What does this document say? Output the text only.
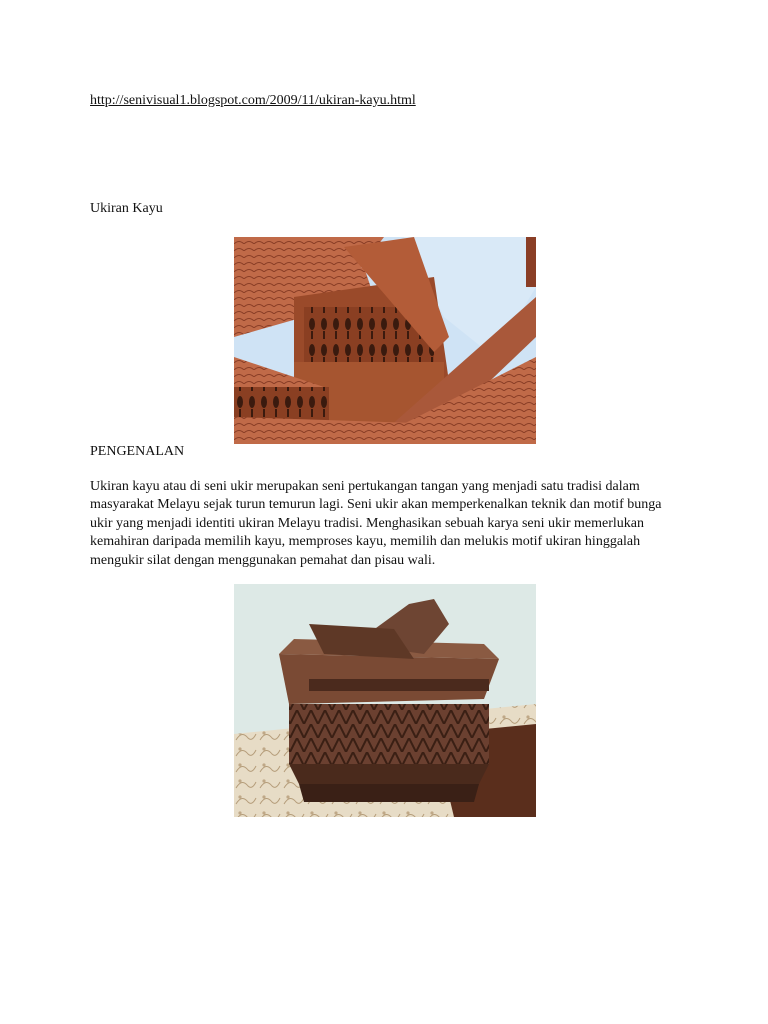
http://senivisual1.blogspot.com/2009/11/ukiran-kayu.html
Ukiran Kayu
PENGENALAN

Ukiran kayu atau di seni ukir merupakan seni pertukangan tangan yang menjadi satu tradisi dalam masyarakat Melayu sejak turun temurun lagi. Seni ukir akan memperkenalkan teknik dan motif bunga ukir yang menjadi identiti ukiran Melayu tradisi. Menghasikan sebuah karya seni ukir memerlukan kemahiran daripada memilih kayu, memproses kayu, memilih dan melukis motif ukiran hinggalah mengukir silat dengan menggunakan pemahat dan pisau wali.
